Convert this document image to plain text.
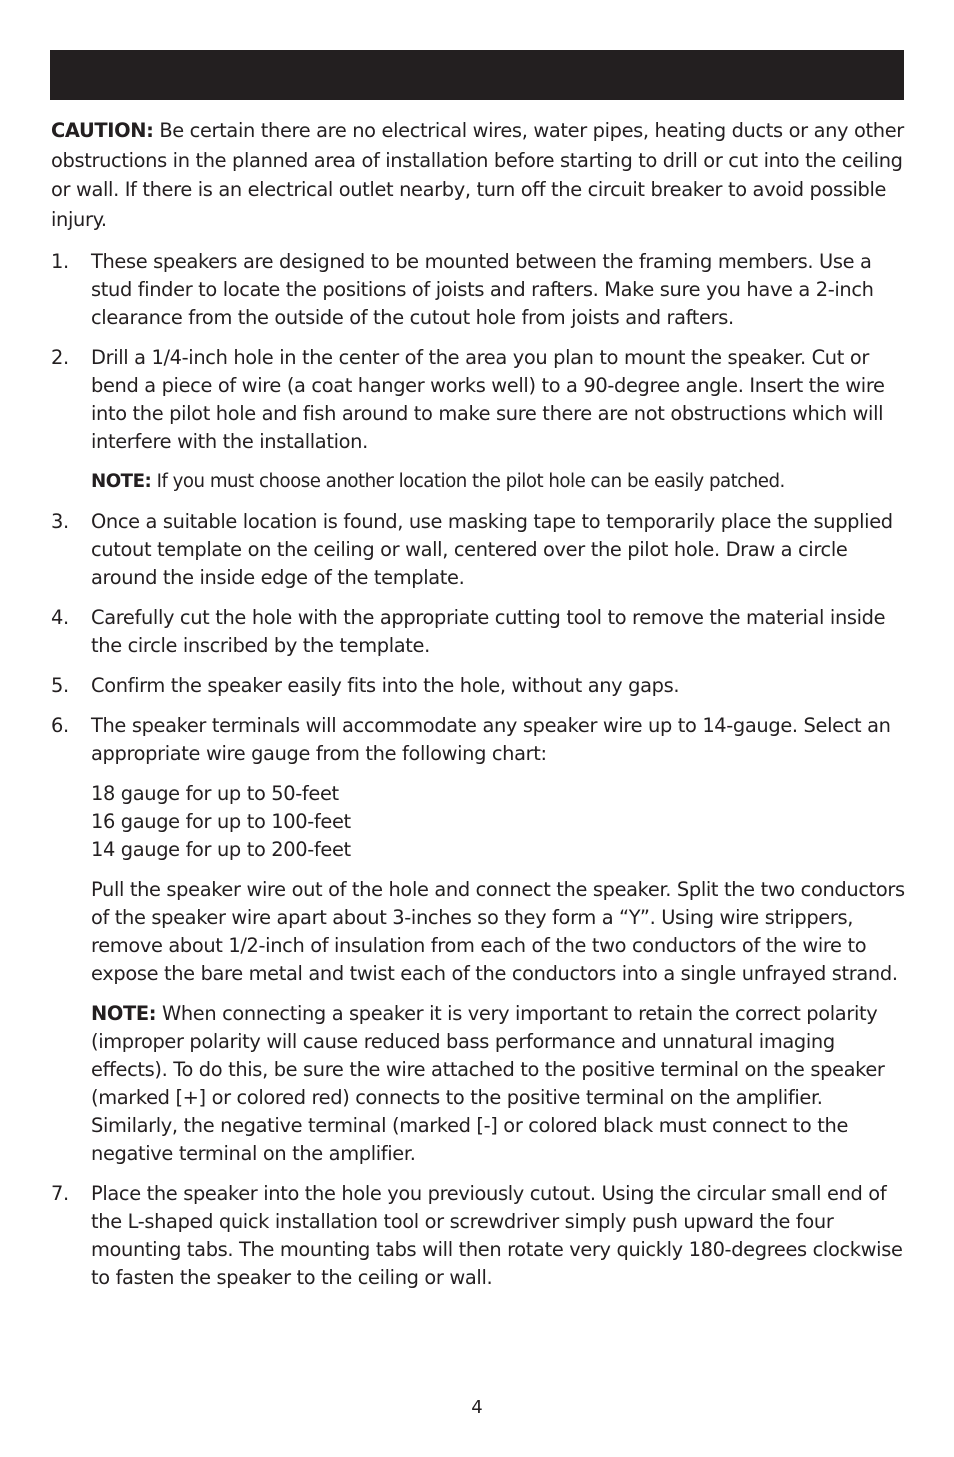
CAUTION: Be certain there are no electrical wires, water pipes, heating ducts or any other obstructions in the planned area of installation before starting to drill or cut into the ceiling or wall. If there is an electrical outlet nearby, turn off the circuit breaker to avoid possible injury.

1.	These speakers are designed to be mounted between the framing members. Use a stud finder to locate the positions of joists and rafters. Make sure you have a 2-inch clearance from the outside of the cutout hole from joists and rafters.
2.	Drill a 1/4-inch hole in the center of the area you plan to mount the speaker. Cut or bend a piece of wire (a coat hanger works well) to a 90-degree angle. Insert the wire into the pilot hole and fish around to make sure there are not obstructions which will interfere with the installation.

NOTE: If you must choose another location the pilot hole can be easily patched.

3.	Once a suitable location is found, use masking tape to temporarily place the supplied cutout template on the ceiling or wall, centered over the pilot hole. Draw a circle around the inside edge of the template.
4.	Carefully cut the hole with the appropriate cutting tool to remove the material inside the circle inscribed by the template.
5.	Confirm the speaker easily fits into the hole, without any gaps.
6.	The speaker terminals will accommodate any speaker wire up to 14-gauge. Select an appropriate wire gauge from the following chart:
18 gauge for up to 50-feet
16 gauge for up to 100-feet
14 gauge for up to 200-feet

Pull the speaker wire out of the hole and connect the speaker. Split the two conductors of the speaker wire apart about 3-inches so they form a “Y”. Using wire strippers, remove about 1/2-inch of insulation from each of the two conductors of the wire to expose the bare metal and twist each of the conductors into a single unfrayed strand.

NOTE: When connecting a speaker it is very important to retain the correct polarity (improper polarity will cause reduced bass performance and unnatural imaging effects). To do this, be sure the wire attached to the positive terminal on the speaker (marked [+] or colored red) connects to the positive terminal on the amplifier. Similarly, the negative terminal (marked [-] or colored black must connect to the negative terminal on the amplifier.

7.	Place the speaker into the hole you previously cutout. Using the circular small end of the L-shaped quick installation tool or screwdriver simply push upward the four mounting tabs. The mounting tabs will then rotate very quickly 180-degrees clockwise to fasten the speaker to the ceiling or wall.
4
